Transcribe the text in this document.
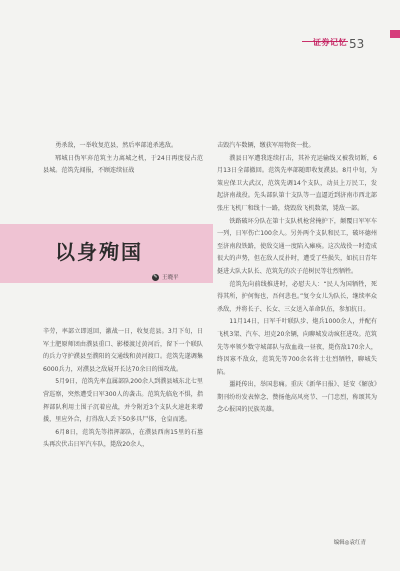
证券记忆 53

勇杀敌，一举收复范县，然后率部追杀逃敌。

郓城日伪军弃范筑主力离城之机，于24日再度侵占范县城。范筑先闻报，不顾连续征战

以身殉国
✎ 王晓平

辛劳，率部立即返回，激战一日，收复范县。3月下旬，日军土肥原师团由濮县重口、影楼渡过黄河后，留下一个联队的兵力守护濮县至濮阳的交通线和黄河渡口。范筑先遂调集6000兵力，对濮县之敌展开长达70余日的围攻战。

5月9日，范筑先率直属部队200余人到濮县城东北七里营巡察，突然遭受日军300人的袭击。范筑先临危不惧，指挥部队利用土围子沉着应战，并令附近3个支队火速赶来增援，里应外合，打得敌人丢下50多具尸体，仓皇而逃。

6月8日，范筑先等指挥部队，在濮县西南15里的石墓头再次伏击日军汽车队，毙敌20余人，

击毁汽车数辆，缴获军用物资一批。

濮县日军遭我连续打击，其补充运输线又被我切断，6月13日全部撤回。范筑先率部随即收复濮县。8月中旬，为策应保卫大武汉，范筑先调14个支队，动员上万民工，发起济南战役。先头部队第十支队等一直逼近到济南市西北部张庄飞机厂和线十一路，烧毁敌飞机数架，毙敌一部。

铁路破坏分队在第十支队机枪营掩护下，颠覆日军军车一列，日军伤亡100余人。另外两个支队和民工，破坏德州至济南段铁路，使敌交通一度陷入瘫痪。这次战役一时造成很大的声势，但在敌人反扑时，遭受了些损失，如抗日青年挺进大队大队长、范筑先的次子范树民等壮烈牺牲。

范筑先向前线推进时，必慰夫人：“民人为国牺牲，死得其所，护何悔也，吾何悲也。”复令女儿为队长，继续率众杀敌，并将长子、长女、三女送入革命队伍，参加抗日。

11月14日，日军千叶联队步、炮兵1000余人，并配有飞机3架、汽车、坦克20余辆，向聊城发动疯狂进攻。范筑先等率领少数守城部队与敌血战一昼夜，毙伤敌170余人，终因寡不敌众，范筑先等700余名将士壮烈牺牲，聊城失陷。

噩耗传出，举国悲痛。重庆《新华日报》、延安《解放》期刊纷纷发表悼念、赞扬他高风亮节、一门忠烈，称颂其为念心报国的民族英雄。

编辑◎袁红青
